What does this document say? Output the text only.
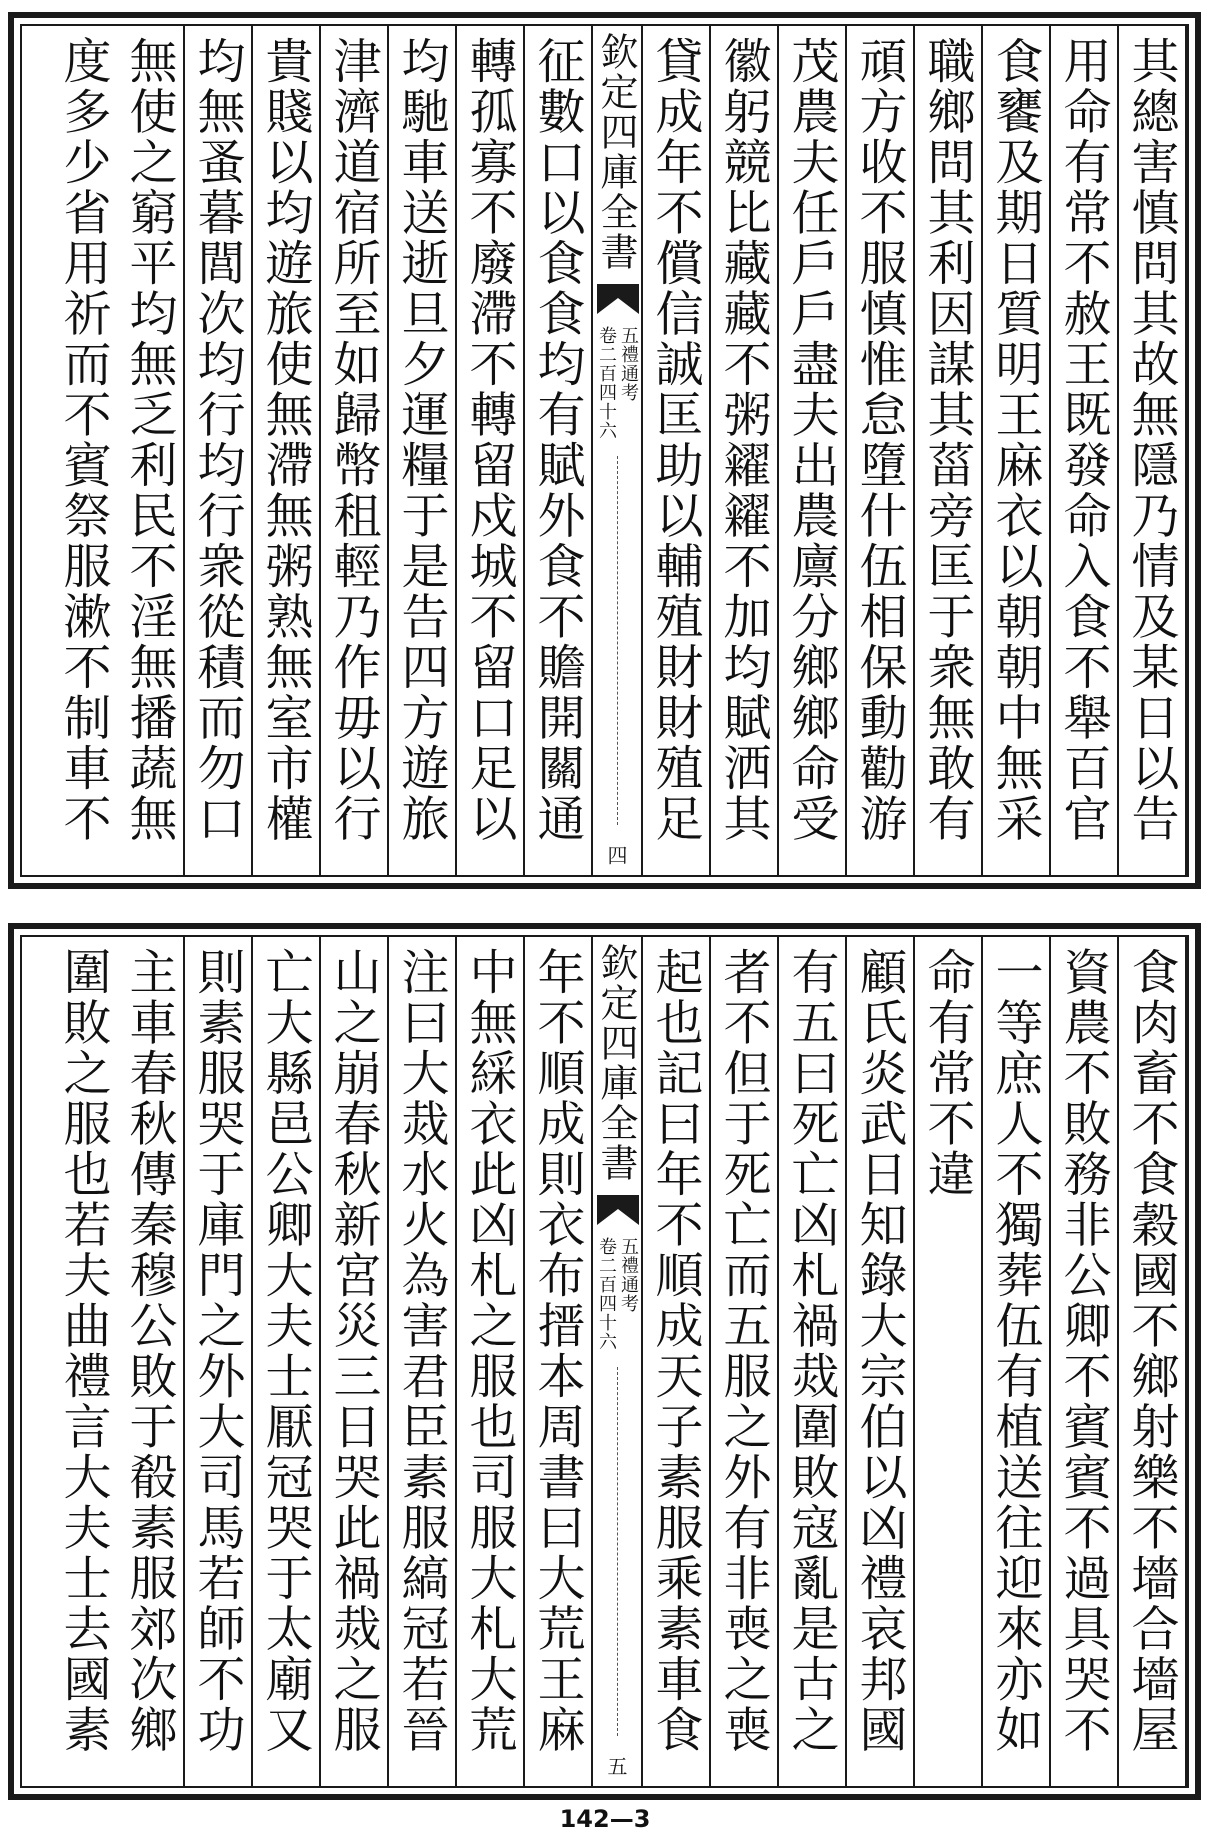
其總害慎問其故無隱乃情及某日以告
用命有常不赦王既發命入食不舉百官
食饔及期日質明王麻衣以朝朝中無采
職鄉問其利因謀其菑旁匡于衆無敢有
頑方收不服慎惟怠墮什伍相保動勸游
茂農夫任戶戶盡夫出農廪分鄉鄉命受
徽躬競比藏藏不粥糴糴不加均賦洒其
貸成年不償信誠匡助以輔殖財財殖足
欽定四庫全書
五禮通考
卷二百四十六
四
征數口以食食均有賦外食不贍開關通
轉孤寡不廢滯不轉留戍城不留口足以
均馳車送逝旦夕運糧于是告四方遊旅
津濟道宿所至如歸幣租輕乃作毋以行
貴賤以均遊旅使無滯無粥熟無室市權
均無蚤暮閭次均行均行衆從積而勿口
無使之窮平均無乏利民不淫無播蔬無
度多少省用祈而不賓祭服漱不制車不
食肉畜不食穀國不鄉射樂不墻合墻屋
資農不敗務非公卿不賓賓不過具哭不
一等庶人不獨葬伍有植送往迎來亦如
命有常不違
顧氏炎武日知錄大宗伯以凶禮哀邦國
有五曰死亡凶札禍烖圍敗寇亂是古之
者不但于死亡而五服之外有非喪之喪
起也記曰年不順成天子素服乘素車食
欽定四庫全書
五禮通考
卷二百四十六
五
年不順成則衣布搢本周書曰大荒王麻
中無綵衣此凶札之服也司服大札大荒
注曰大烖水火為害君臣素服縞冠若晉
山之崩春秋新宮災三日哭此禍烖之服
亡大縣邑公卿大夫士厭冠哭于太廟又
則素服哭于庫門之外大司馬若師不功
主車春秋傳秦穆公敗于殽素服郊次鄉
圍敗之服也若夫曲禮言大夫士去國素
142—3
